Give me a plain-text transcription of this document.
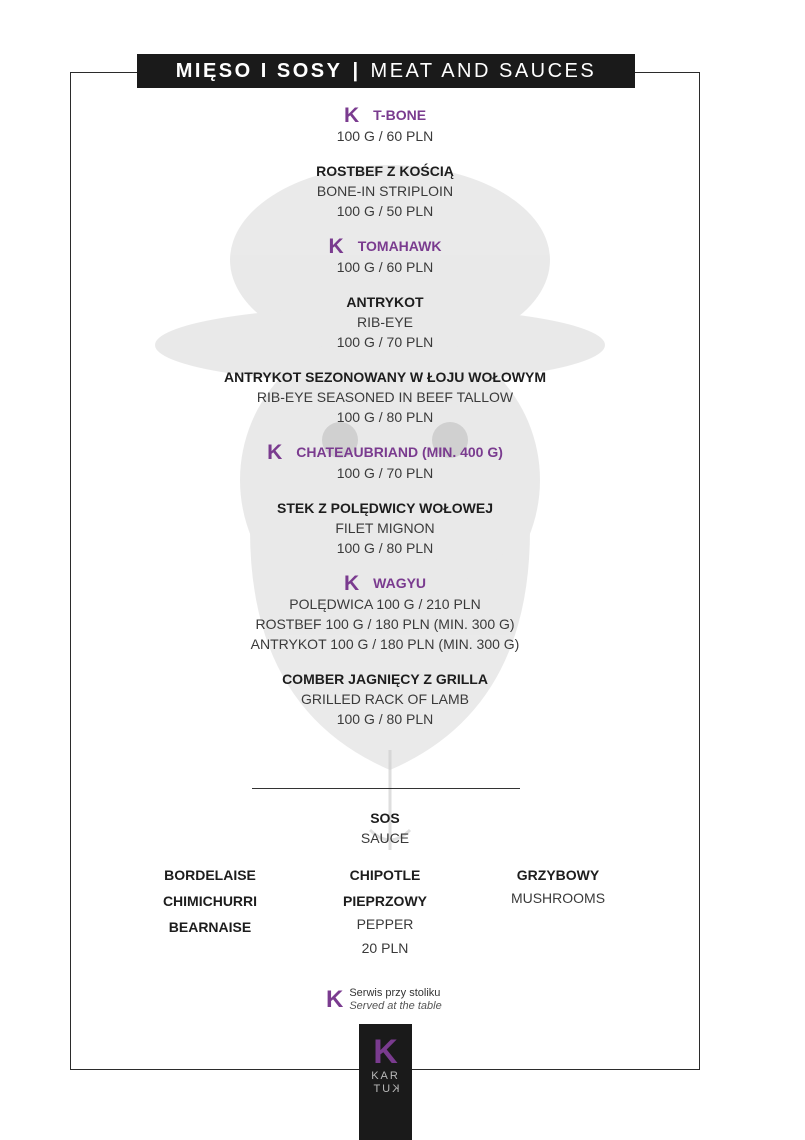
MIĘSO I SOSY | MEAT AND SAUCES
K T-BONE
100 G / 60 PLN
ROSTBEF Z KOŚCIĄ
BONE-IN STRIPLOIN
100 G / 50 PLN
K TOMAHAWK
100 G / 60 PLN
ANTRYKOT
RIB-EYE
100 G / 70 PLN
ANTRYKOT SEZONOWANY W ŁOJU WOŁOWYM
RIB-EYE SEASONED IN BEEF TALLOW
100 G / 80 PLN
K CHATEAUBRIAND (MIN. 400 G)
100 G / 70 PLN
STEK Z POLĘDWICY WOŁOWEJ
FILET MIGNON
100 G / 80 PLN
K WAGYU
POLĘDWICA 100 G / 210 PLN
ROSTBEF 100 G / 180 PLN (MIN. 300 G)
ANTRYKOT 100 G / 180 PLN (MIN. 300 G)
COMBER JAGNIĘCY Z GRILLA
GRILLED RACK OF LAMB
100 G / 80 PLN
SOS
SAUCE
BORDELAISE
CHIMICHURRI
BEARNAISE
CHIPOTLE
PIEPRZOWY
PEPPER
GRZYBOWY
MUSHROOMS
20 PLN
K Serwis przy stoliku
Served at the table
K
KAR
KUT
